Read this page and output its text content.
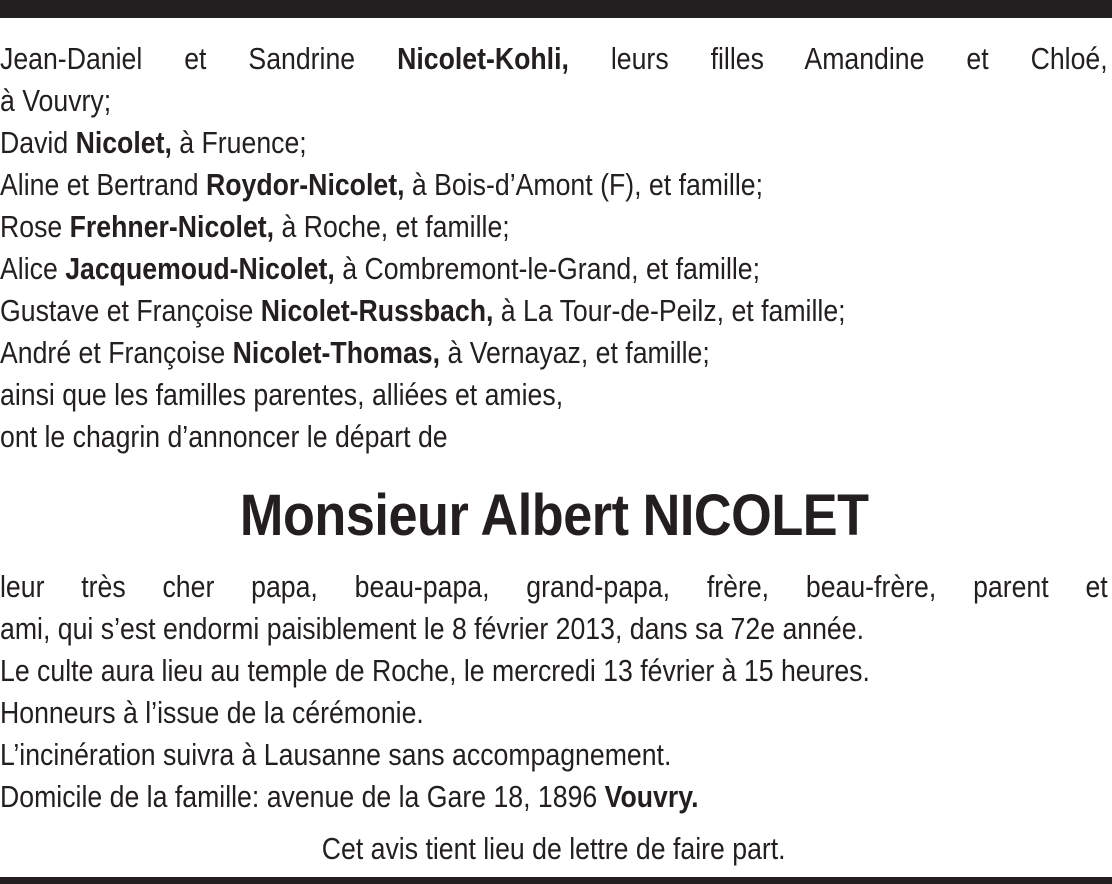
Jean-Daniel et Sandrine Nicolet-Kohli, leurs filles Amandine et Chloé,
à Vouvry;
David Nicolet, à Fruence;
Aline et Bertrand Roydor-Nicolet, à Bois-d’Amont (F), et famille;
Rose Frehner-Nicolet, à Roche, et famille;
Alice Jacquemoud-Nicolet, à Combremont-le-Grand, et famille;
Gustave et Françoise Nicolet-Russbach, à La Tour-de-Peilz, et famille;
André et Françoise Nicolet-Thomas, à Vernayaz, et famille;
ainsi que les familles parentes, alliées et amies,
ont le chagrin d’annoncer le départ de
Monsieur Albert NICOLET
leur très cher papa, beau-papa, grand-papa, frère, beau-frère, parent et
ami, qui s’est endormi paisiblement le 8 février 2013, dans sa 72e année.
Le culte aura lieu au temple de Roche, le mercredi 13 février à 15 heures.
Honneurs à l’issue de la cérémonie.
L’incinération suivra à Lausanne sans accompagnement.
Domicile de la famille: avenue de la Gare 18, 1896 Vouvry.
Cet avis tient lieu de lettre de faire part.
